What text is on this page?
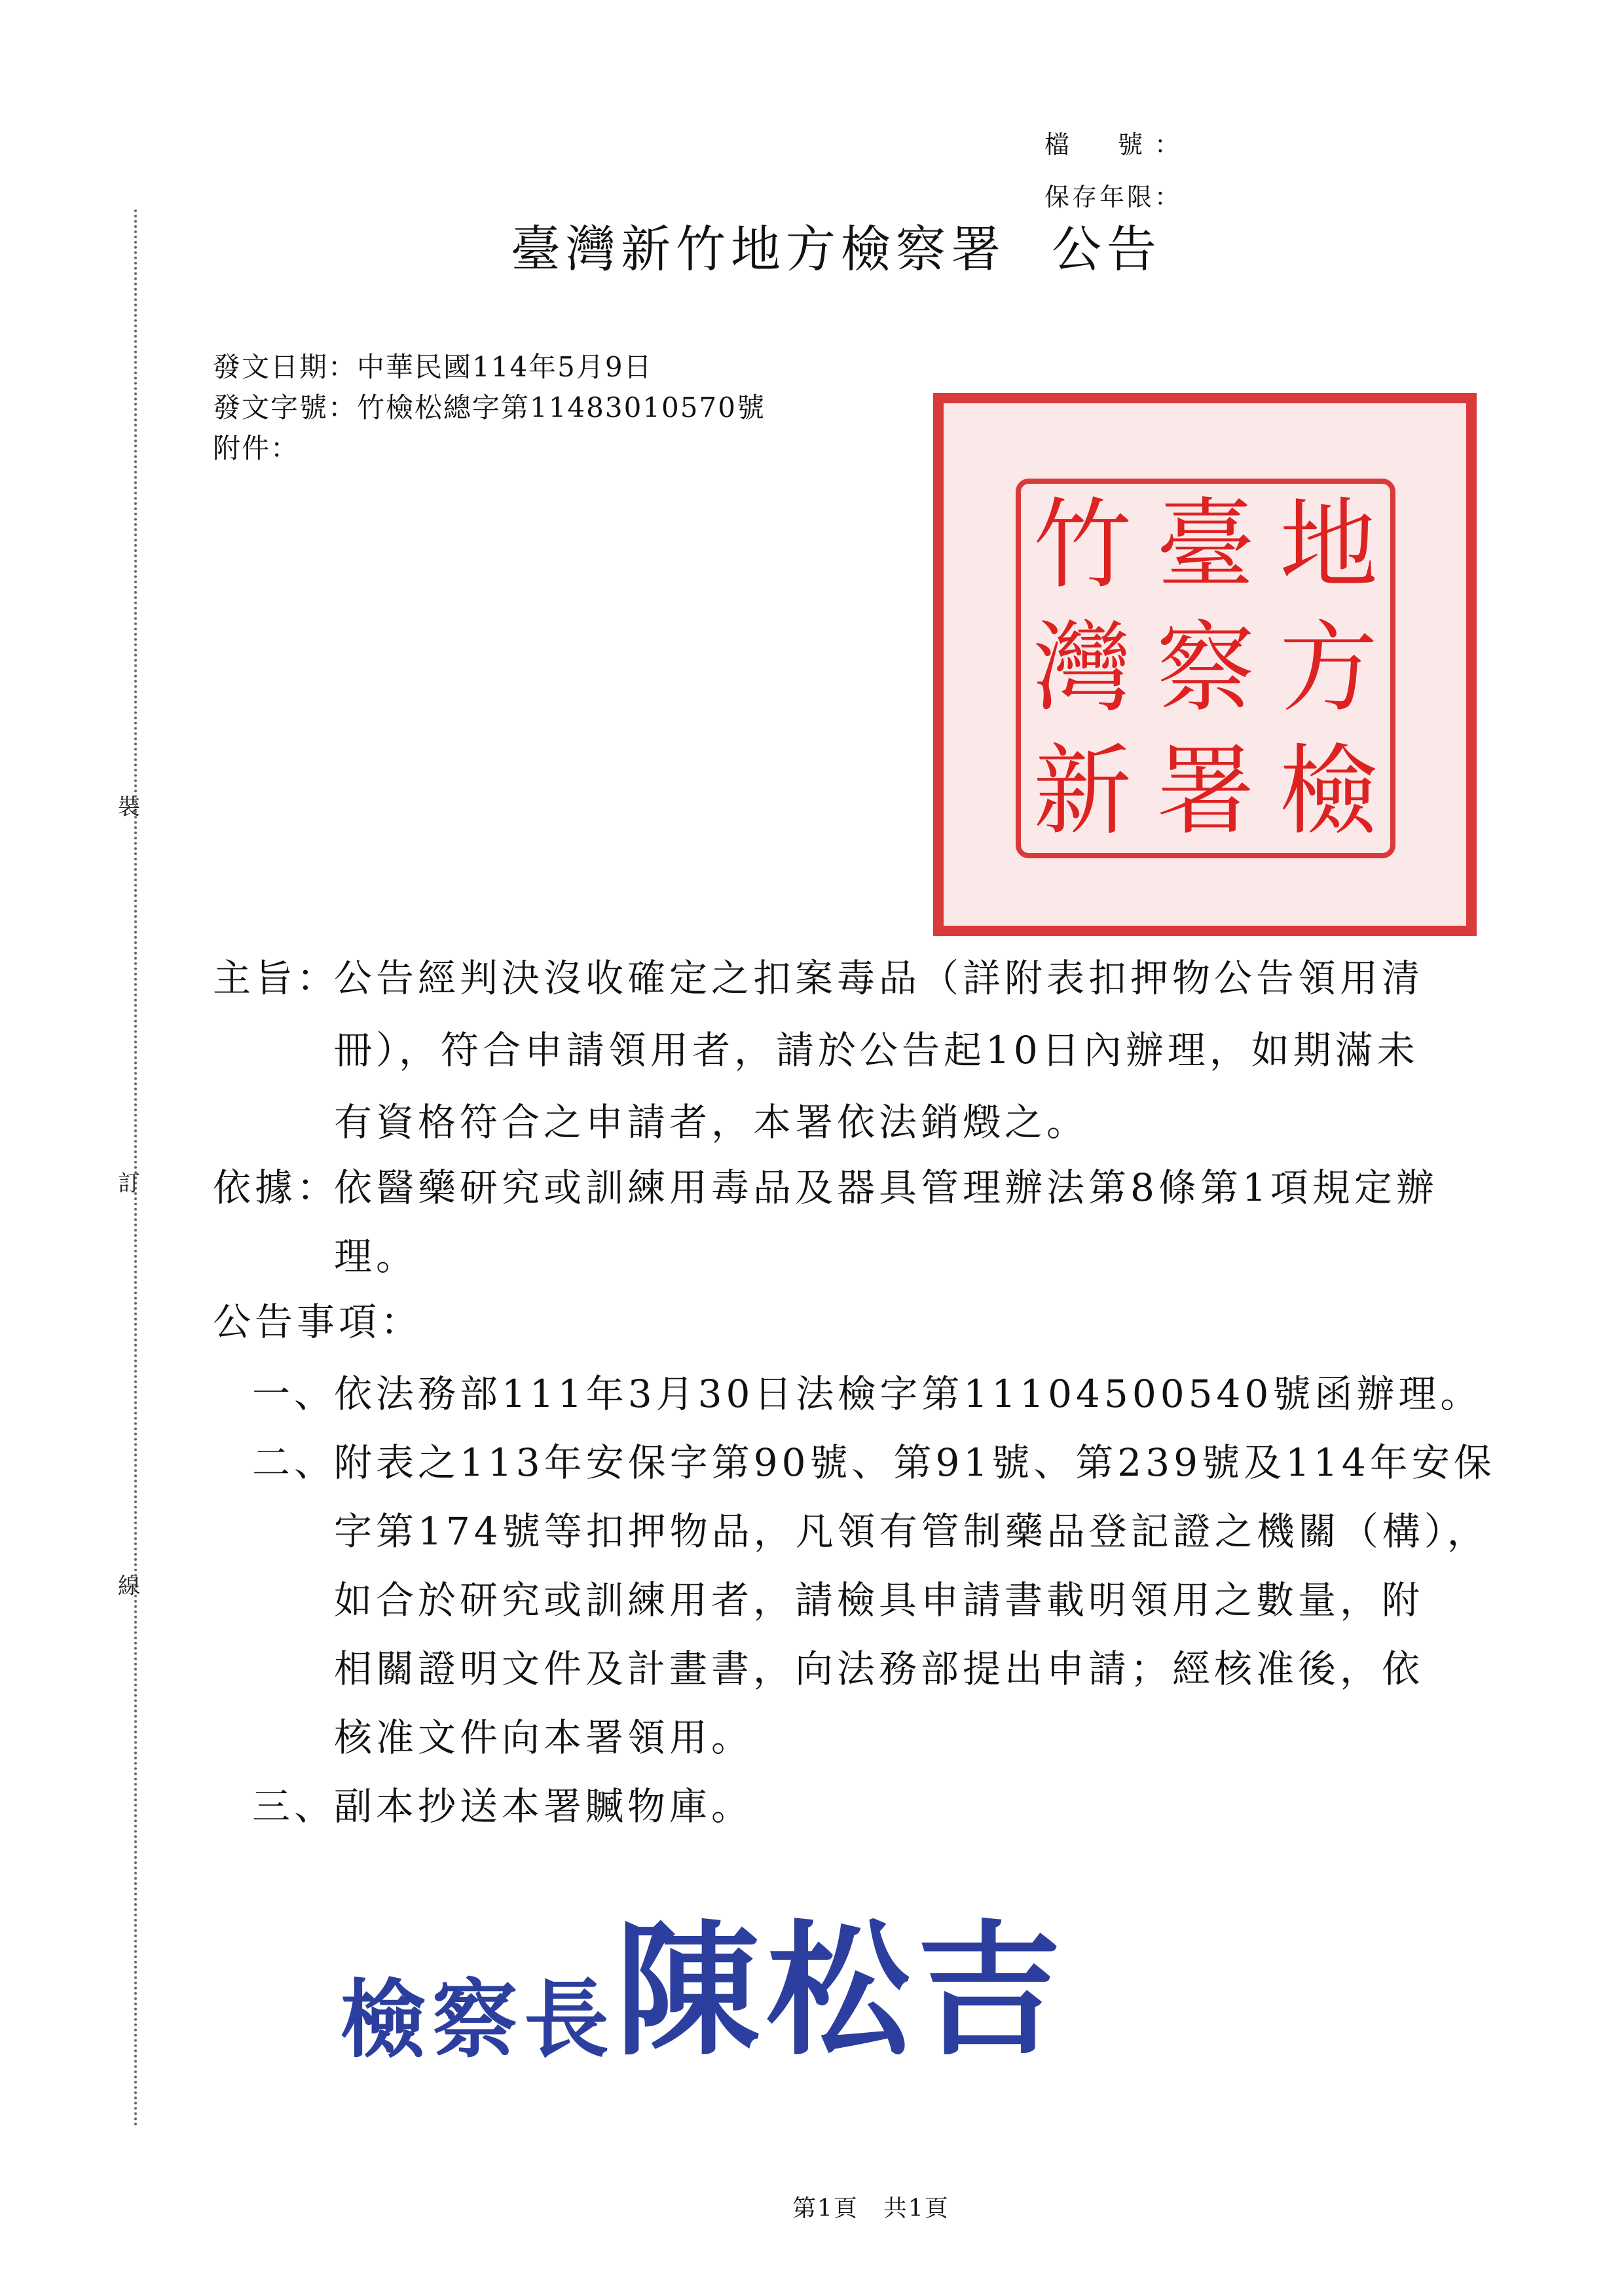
裝
訂
線
檔　號：
保存年限：
臺灣新竹地方檢察署 公告
發文日期：中華民國114年5月9日
發文字號：竹檢松總字第11483010570號
附件：
竹 臺 地
灣 察 方
新 署 檢
主旨：
公告經判決沒收確定之扣案毒品（詳附表扣押物公告領用清
冊），符合申請領用者，請於公告起10日內辦理，如期滿未
有資格符合之申請者，本署依法銷燬之。
依據：
依醫藥研究或訓練用毒品及器具管理辦法第8條第1項規定辦
理。
公告事項：
一、
依法務部111年3月30日法檢字第11104500540號函辦理。
二、
附表之113年安保字第90號、第91號、第239號及114年安保
字第174號等扣押物品，凡領有管制藥品登記證之機關（構），
如合於研究或訓練用者，請檢具申請書載明領用之數量，附
相關證明文件及計畫書，向法務部提出申請；經核准後，依
核准文件向本署領用。
三、
副本抄送本署贓物庫。
檢察長陳松吉
第1頁　共1頁
